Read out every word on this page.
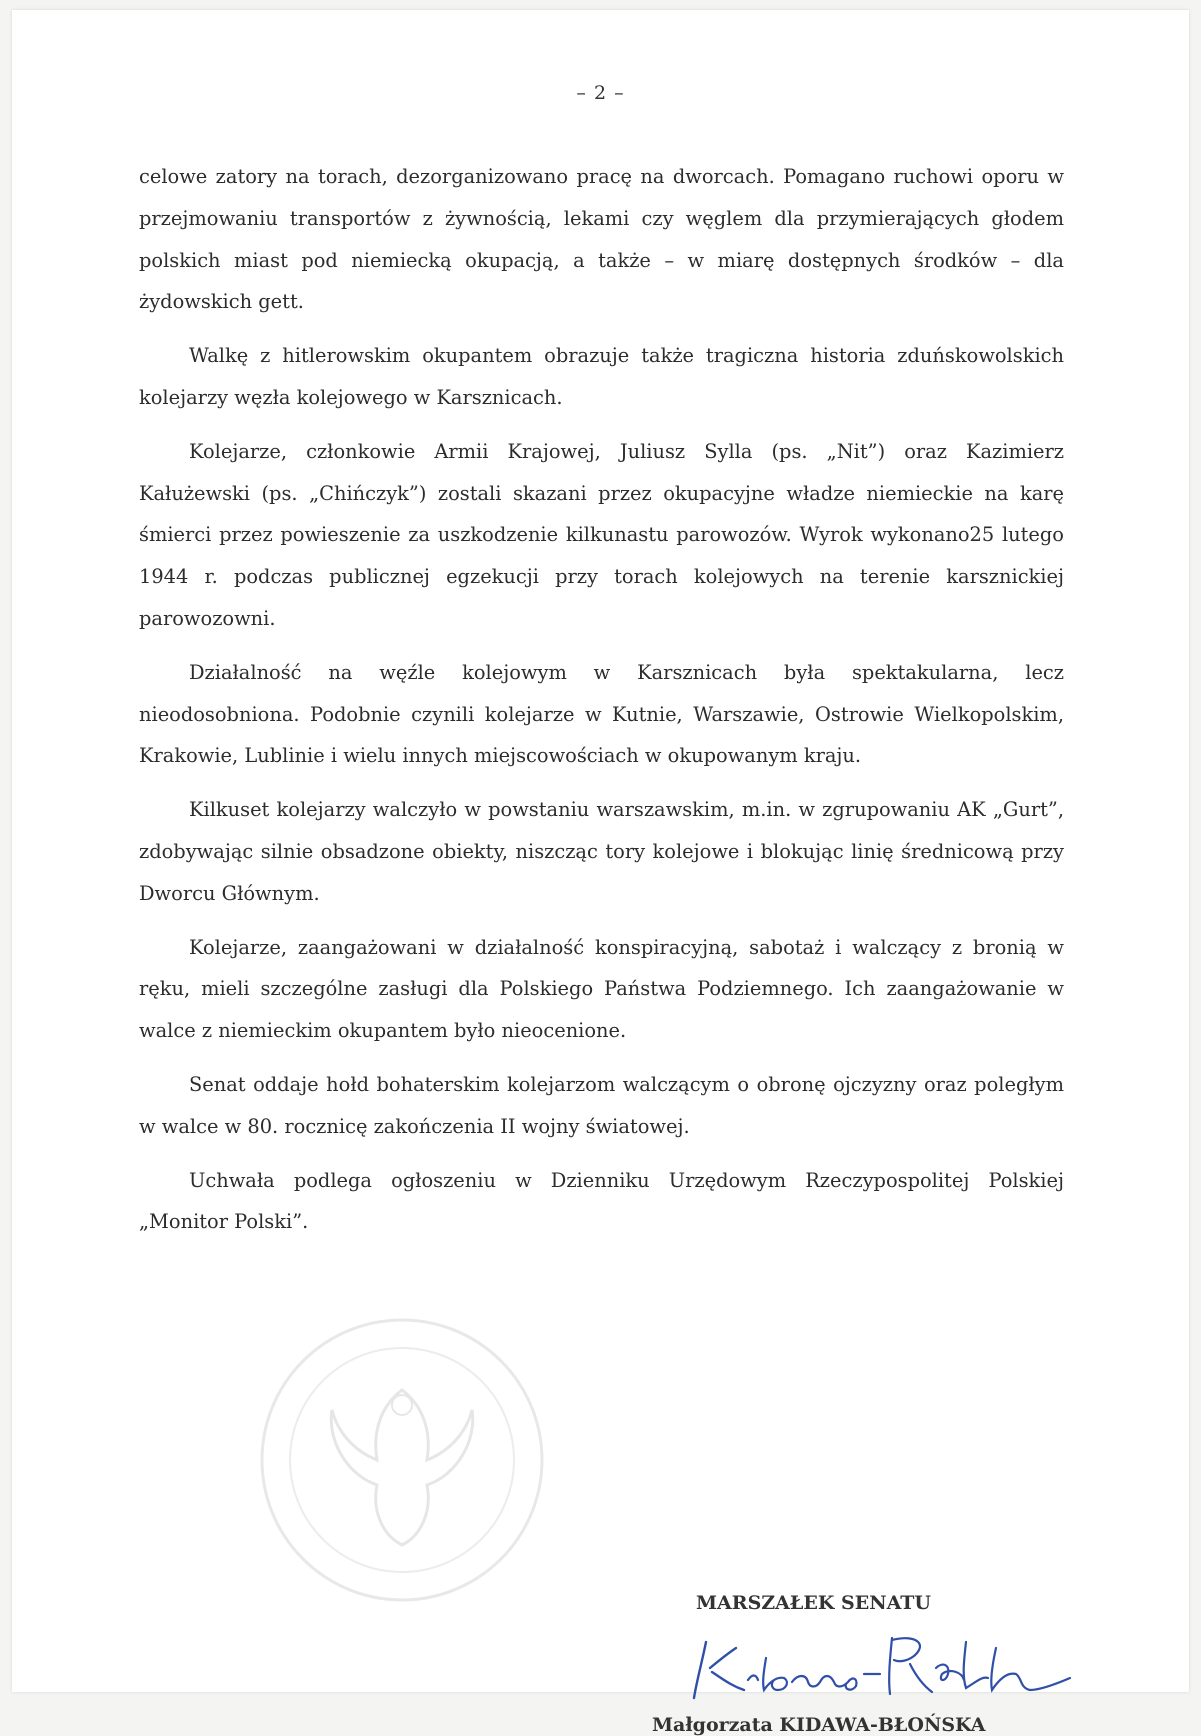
– 2 –

celowe zatory na torach, dezorganizowano pracę na dworcach. Pomagano ruchowi oporu w przejmowaniu transportów z żywnością, lekami czy węglem dla przymierających głodem polskich miast pod niemiecką okupacją, a także – w miarę dostępnych środków – dla żydowskich gett.

Walkę z hitlerowskim okupantem obrazuje także tragiczna historia zduńskowolskich kolejarzy węzła kolejowego w Karsznicach.

Kolejarze, członkowie Armii Krajowej, Juliusz Sylla (ps. „Nit”) oraz Kazimierz Kałużewski (ps. „Chińczyk”) zostali skazani przez okupacyjne władze niemieckie na karę śmierci przez powieszenie za uszkodzenie kilkunastu parowozów. Wyrok wykonano25 lutego 1944 r. podczas publicznej egzekucji przy torach kolejowych na terenie karsznickiej parowozowni.

Działalność na węźle kolejowym w Karsznicach była spektakularna, lecz nieodosobniona. Podobnie czynili kolejarze w Kutnie, Warszawie, Ostrowie Wielkopolskim, Krakowie, Lublinie i wielu innych miejscowościach w okupowanym kraju.

Kilkuset kolejarzy walczyło w powstaniu warszawskim, m.in. w zgrupowaniu AK „Gurt”, zdobywając silnie obsadzone obiekty, niszcząc tory kolejowe i blokując linię średnicową przy Dworcu Głównym.

Kolejarze, zaangażowani w działalność konspiracyjną, sabotaż i walczący z bronią w ręku, mieli szczególne zasługi dla Polskiego Państwa Podziemnego. Ich zaangażowanie w walce z niemieckim okupantem było nieocenione.

Senat oddaje hołd bohaterskim kolejarzom walczącym o obronę ojczyzny oraz poległym w walce w 80. rocznicę zakończenia II wojny światowej.

Uchwała podlega ogłoszeniu w Dzienniku Urzędowym Rzeczypospolitej Polskiej „Monitor Polski”.

MARSZAŁEK SENATU
Małgorzata KIDAWA-BŁOŃSKA
